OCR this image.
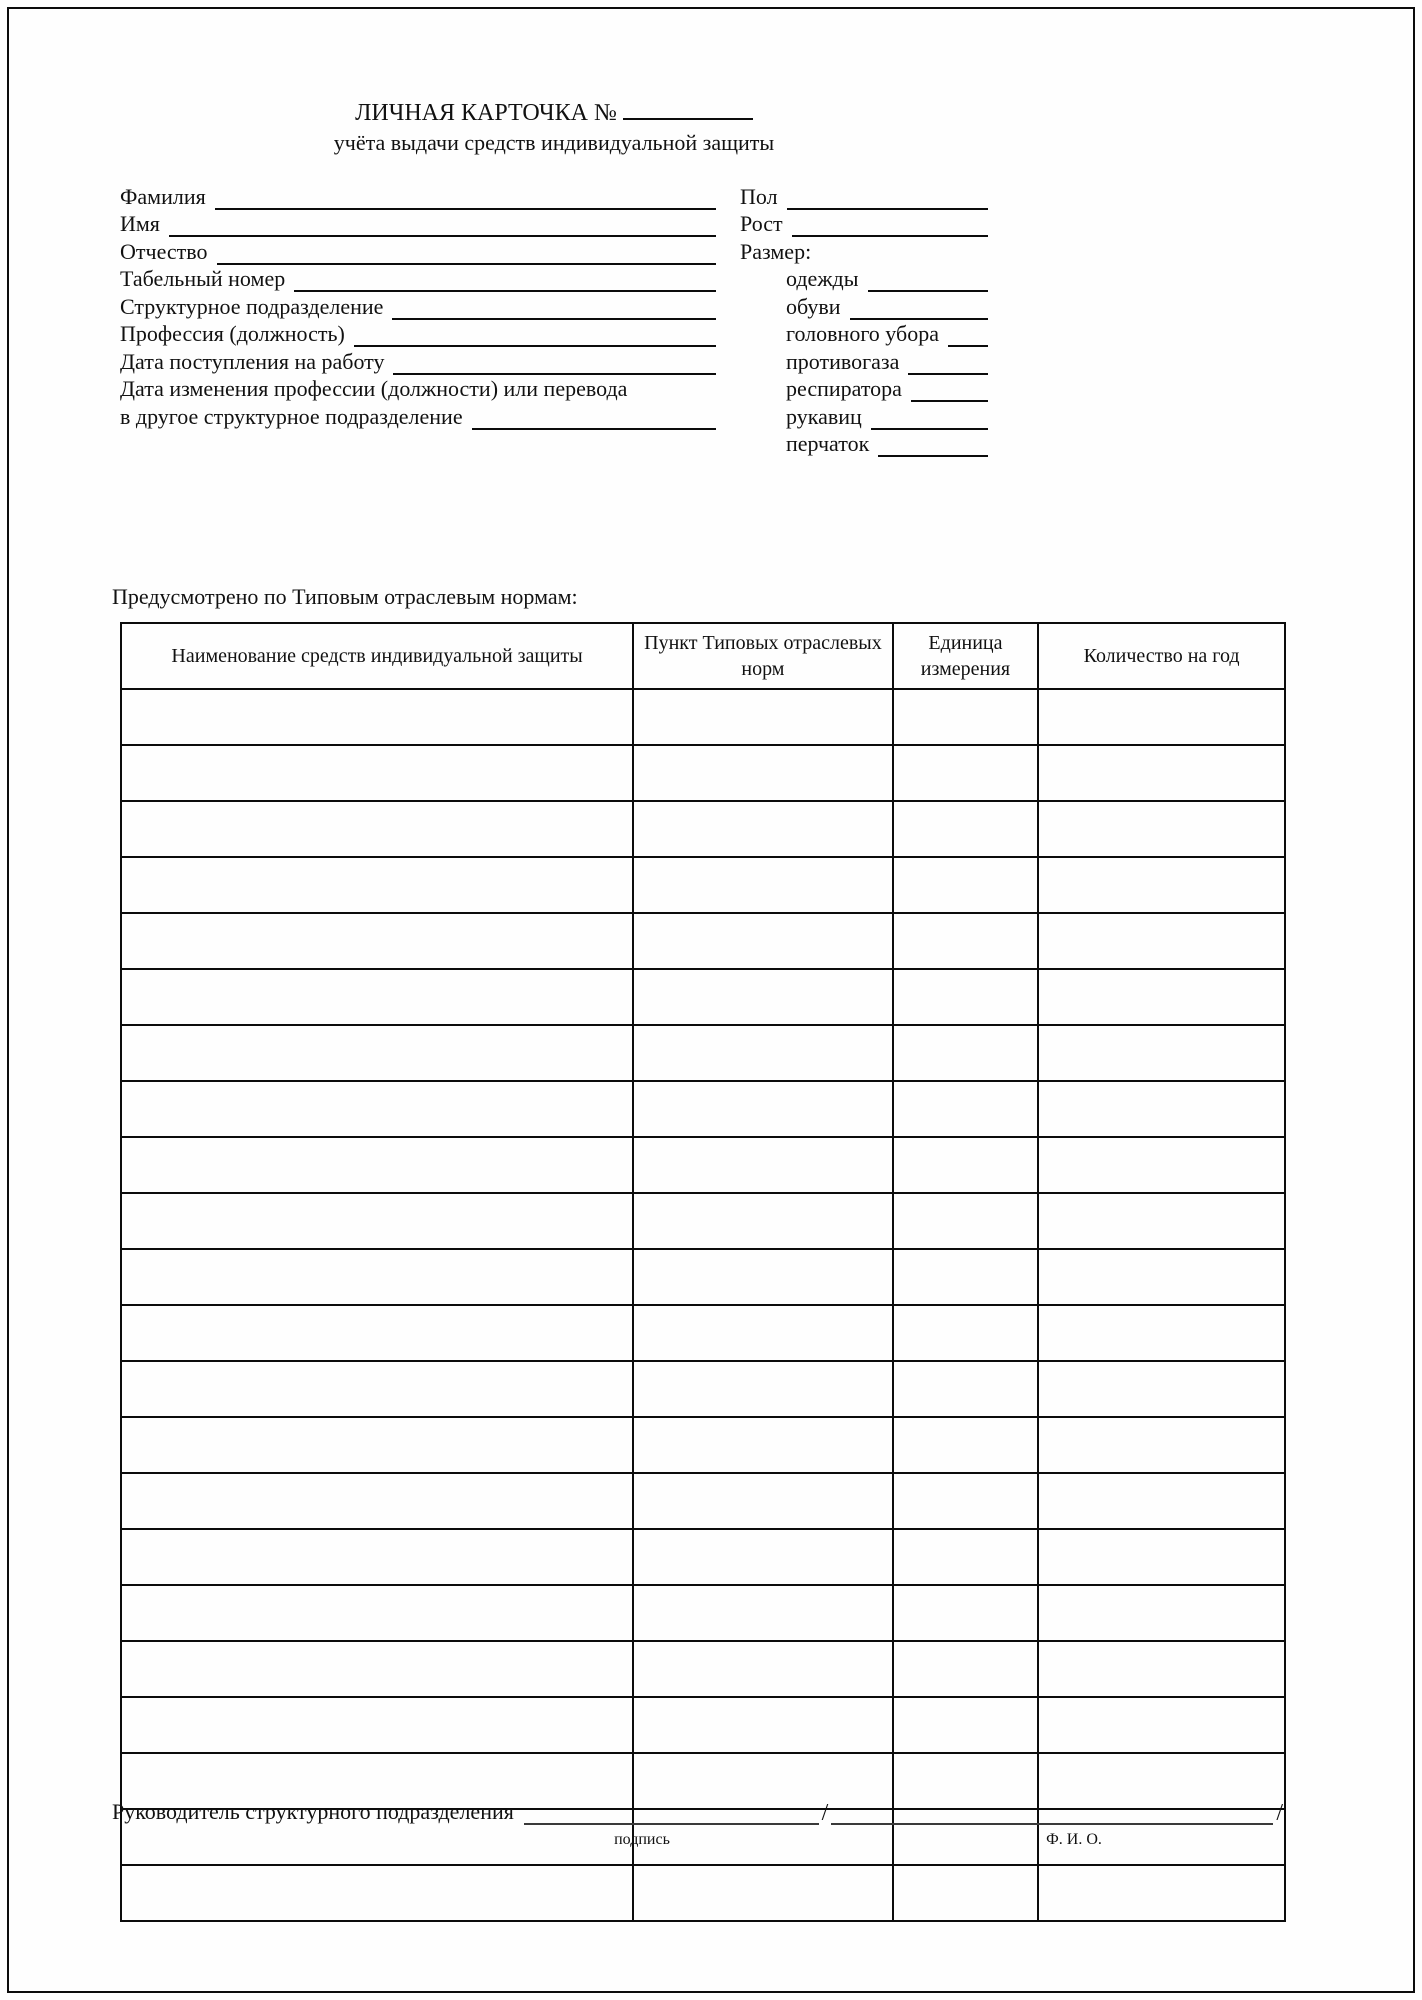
ЛИЧНАЯ КАРТОЧКА №
учёта выдачи средств индивидуальной защиты
Фамилия
Имя
Отчество
Табельный номер
Структурное подразделение
Профессия (должность)
Дата поступления на работу
Дата изменения профессии (должности) или перевода
в другое структурное подразделение
Пол
Рост
Размер:
одежды
обуви
головного убора
противогаза
респиратора
рукавиц
перчаток
Предусмотрено по Типовым отраслевым нормам:
Наименование средств индивидуальной защиты	Пункт Типовых отраслевых норм	Единица измерения	Количество на год

Руководитель структурного подразделения	/	/
подпись	Ф. И. О.
